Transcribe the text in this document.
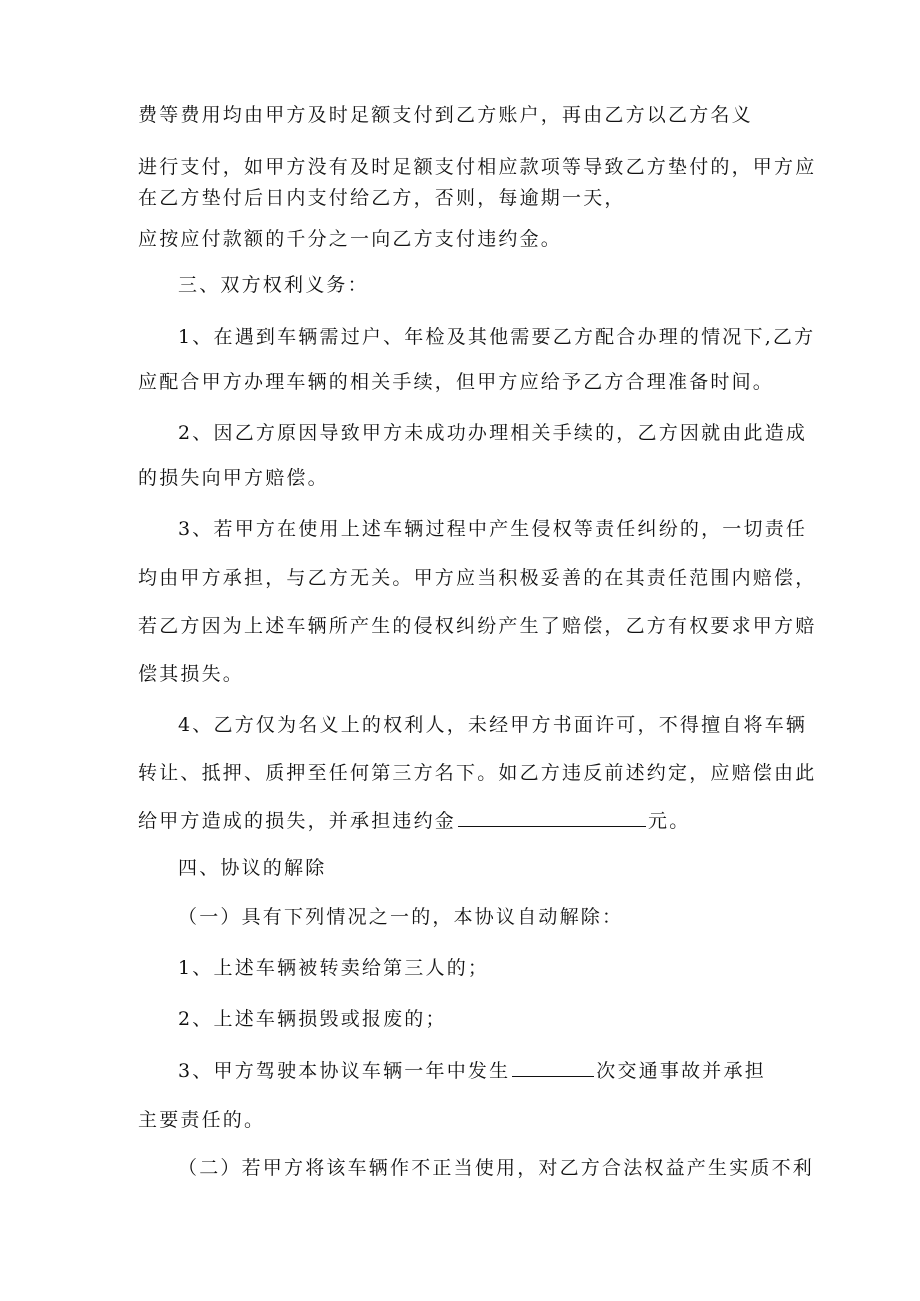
费等费用均由甲方及时足额支付到乙方账户，再由乙方以乙方名义
进行支付，如甲方没有及时足额支付相应款项等导致乙方垫付的，甲方应
在乙方垫付后日内支付给乙方，否则，每逾期一天，
应按应付款额的千分之一向乙方支付违约金。
三、双方权利义务：
1、在遇到车辆需过户、年检及其他需要乙方配合办理的情况下,乙方
应配合甲方办理车辆的相关手续，但甲方应给予乙方合理准备时间。
2、因乙方原因导致甲方未成功办理相关手续的，乙方因就由此造成
的损失向甲方赔偿。
3、若甲方在使用上述车辆过程中产生侵权等责任纠纷的，一切责任
均由甲方承担，与乙方无关。甲方应当积极妥善的在其责任范围内赔偿，
若乙方因为上述车辆所产生的侵权纠纷产生了赔偿，乙方有权要求甲方赔
偿其损失。
4、乙方仅为名义上的权利人，未经甲方书面许可，不得擅自将车辆
转让、抵押、质押至任何第三方名下。如乙方违反前述约定，应赔偿由此
给甲方造成的损失，并承担违约金	元。
四、协议的解除
（一）具有下列情况之一的，本协议自动解除：
1、上述车辆被转卖给第三人的；
2、上述车辆损毁或报废的；
3、甲方驾驶本协议车辆一年中发生	次交通事故并承担
主要责任的。
（二）若甲方将该车辆作不正当使用，对乙方合法权益产生实质不利
